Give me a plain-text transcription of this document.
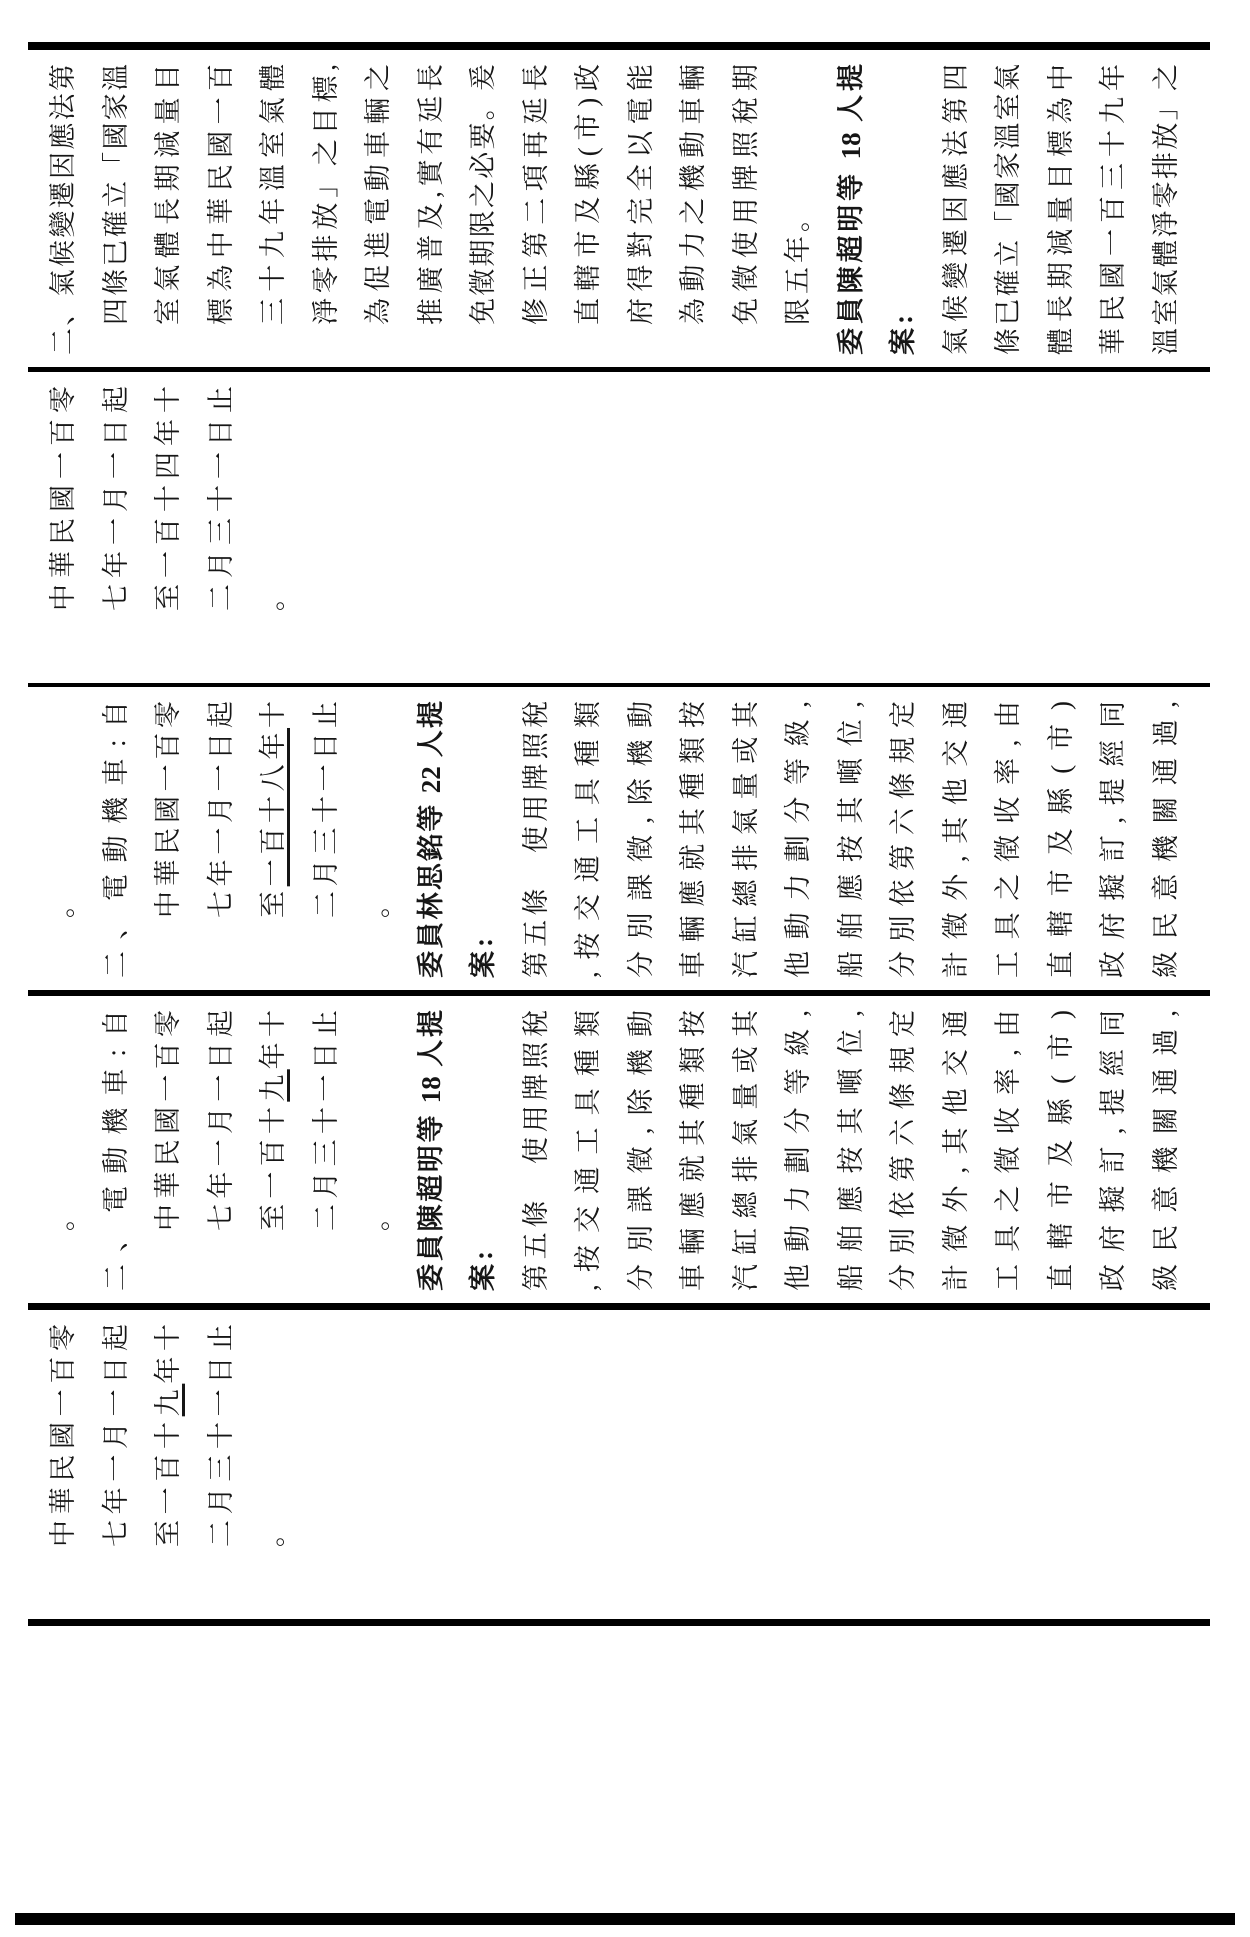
中華民國一百零 七年一月一日起 至一百十九年十 二月三十一日止 。
。 二、電動機車:自 中華民國一百零 七年一月一日起 至一百十九年十 二月三十一日止 。 委員陳超明等 18 人提 案: 第五條　使用牌照稅 ,按交通工具種類 分別課徵,除機動 車輛應就其種類按 汽缸總排氣量或其 他動力劃分等級, 船舶應按其噸位, 分別依第六條規定 計徵外,其他交通 工具之徵收率,由 直轄市及縣(市) 政府擬訂,提經同 級民意機關通過,
。 二、電動機車:自 中華民國一百零 七年一月一日起 至一百十八年十 二月三十一日止 。 委員林思銘等 22 人提 案: 第五條　使用牌照稅 ,按交通工具種類 分別課徵,除機動 車輛應就其種類按 汽缸總排氣量或其 他動力劃分等級, 船舶應按其噸位, 分別依第六條規定 計徵外,其他交通 工具之徵收率,由 直轄市及縣(市) 政府擬訂,提經同 級民意機關通過,
中華民國一百零 七年一月一日起 至一百十四年十 二月三十一日止 。
二、氣候變遷因應法第 四條已確立「國家溫 室氣體長期減量目 標為中華民國一百 三十九年溫室氣體 淨零排放」之目標, 為促進電動車輛之 推廣普及,實有延長 免徵期限之必要。爰 修正第二項再延長 直轄市及縣(市)政 府得對完全以電能 為動力之機動車輛 免徵使用牌照稅期 限五年。 委員陳超明等 18 人提 案: 氣候變遷因應法第四 條已確立「國家溫室氣 體長期減量目標為中 華民國一百三十九年 溫室氣體淨零排放」之
